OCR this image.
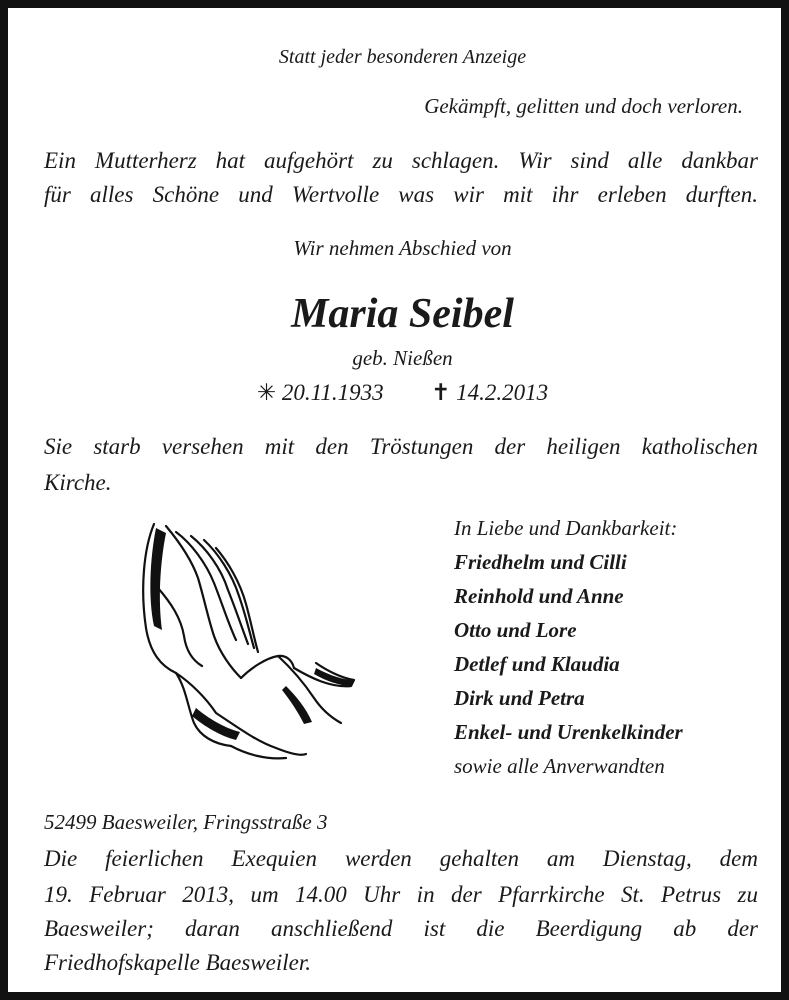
Statt jeder besonderen Anzeige

Gekämpft, gelitten und doch verloren.

Ein Mutterherz hat aufgehört zu schlagen. Wir sind alle dankbar

für alles Schöne und Wertvolle was wir mit ihr erleben durften.

Wir nehmen Abschied von

Maria Seibel

geb. Nießen

✳ 20.11.1933 ✝ 14.2.2013

Sie starb versehen mit den Tröstungen der heiligen katholischen

Kirche.

In Liebe und Dankbarkeit:

Friedhelm und Cilli

Reinhold und Anne

Otto und Lore

Detlef und Klaudia

Dirk und Petra

Enkel- und Urenkelkinder

sowie alle Anverwandten

52499 Baesweiler, Fringsstraße 3

Die feierlichen Exequien werden gehalten am Dienstag, dem

19. Februar 2013, um 14.00 Uhr in der Pfarrkirche St. Petrus zu

Baesweiler; daran anschließend ist die Beerdigung ab der

Friedhofskapelle Baesweiler.
